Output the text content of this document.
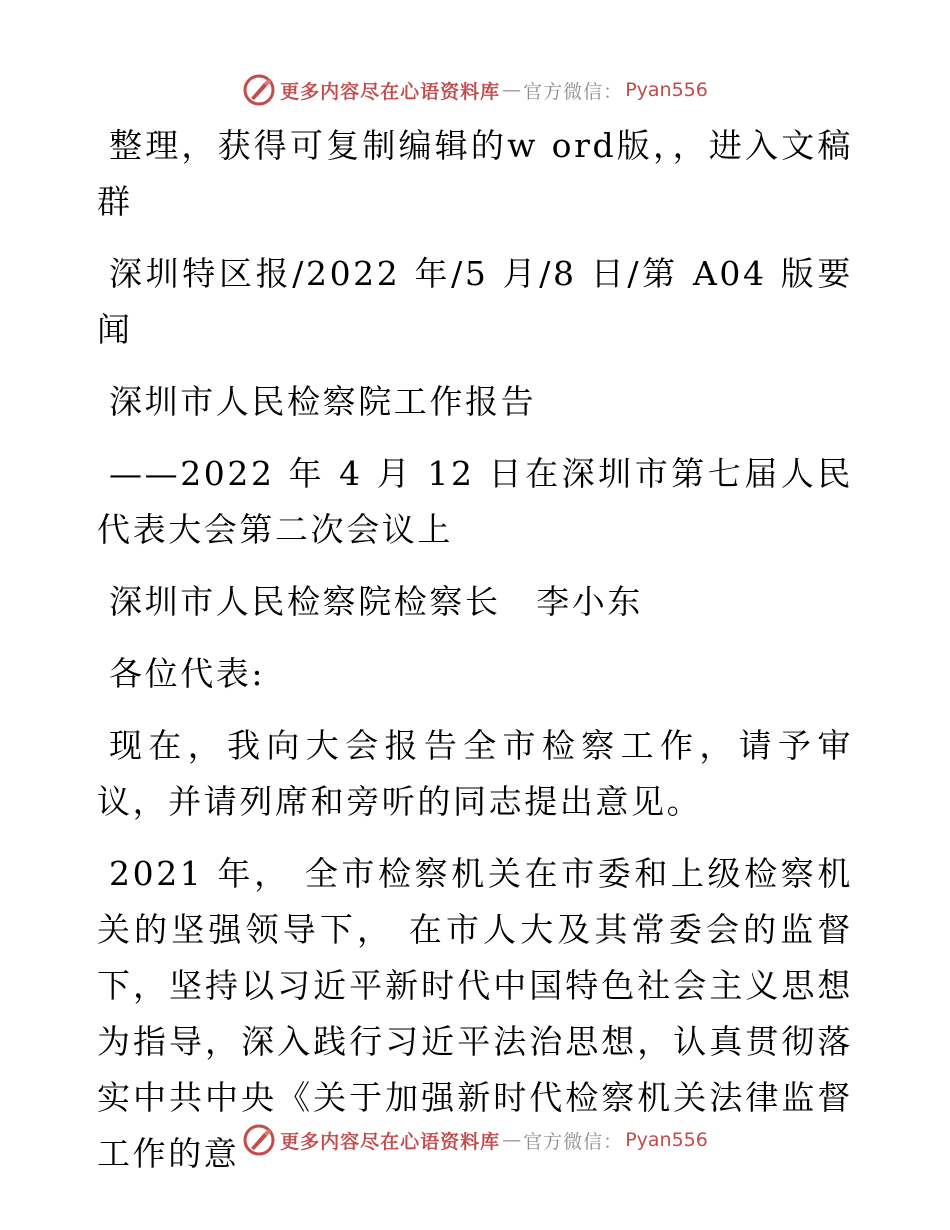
更多内容尽在心语资料库 — 官方微信： Pyan556

整理，获得可复制编辑的w ord版，，进入文稿群

深圳特区报/2022 年/5 月/8 日/第 A04 版要闻

深圳市人民检察院工作报告

——2022 年 4 月 12 日在深圳市第七届人民代表大会第二次会议上

深圳市人民检察院检察长　李小东

各位代表:

现在，我向大会报告全市检察工作，请予审议，并请列席和旁听的同志提出意见。

2021 年， 全市检察机关在市委和上级检察机关的坚强领导下， 在市人大及其常委会的监督下，坚持以习近平新时代中国特色社会主义思想为指导，深入践行习近平法治思想，认真贯彻落实中共中央《关于加强新时代检察机关法律监督工作的意	更多内容尽在心语资料库 — 官方微信： Pyan556
